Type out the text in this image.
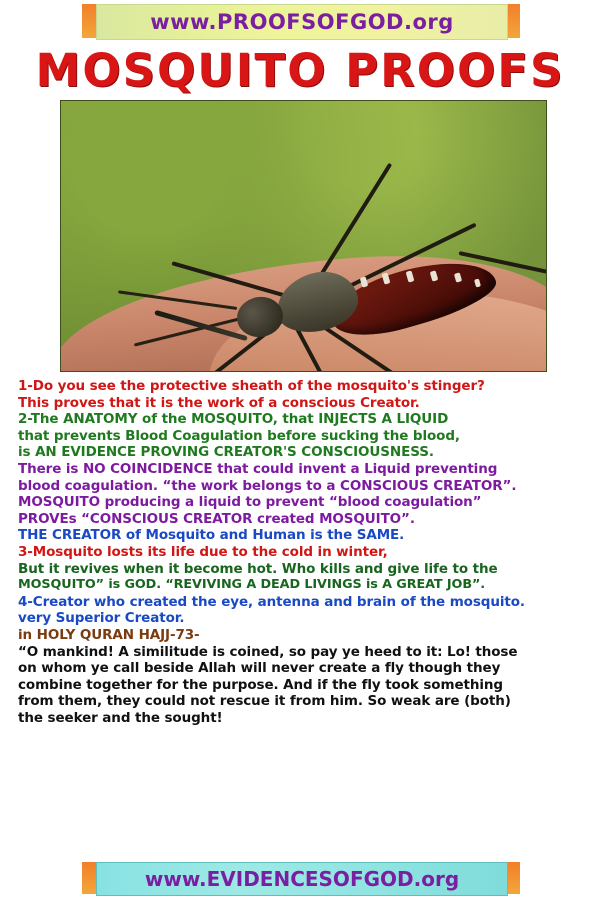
www.PROOFSOFGOD.org
MOSQUITO PROOFS
1-Do you see the protective sheath of the mosquito's stinger?
This proves that it is the work of a conscious Creator.
2-The ANATOMY of the MOSQUITO, that INJECTS A LIQUID
that prevents Blood Coagulation before sucking the blood,
is AN EVIDENCE PROVING CREATOR'S CONSCIOUSNESS.
There is NO COINCIDENCE that could invent a Liquid preventing
blood coagulation. “the work belongs to a CONSCIOUS CREATOR”.
MOSQUITO producing a liquid to prevent “blood coagulation”
PROVEs “CONSCIOUS CREATOR created MOSQUITO”.
THE CREATOR of Mosquito and Human is the SAME.
3-Mosquito losts its life due to the cold in winter,
But it revives when it become hot. Who kills and give life to the
MOSQUITO” is GOD. “REVIVING A DEAD LIVINGS is A GREAT JOB”.
4-Creator who created the eye, antenna and brain of the mosquito.
very Superior Creator.
in HOLY QURAN HAJJ-73-
“O mankind! A similitude is coined, so pay ye heed to it: Lo! those
on whom ye call beside Allah will never create a fly though they
combine together for the purpose. And if the fly took something
from them, they could not rescue it from him. So weak are (both)
the seeker and the sought!
www.EVIDENCESOFGOD.org
